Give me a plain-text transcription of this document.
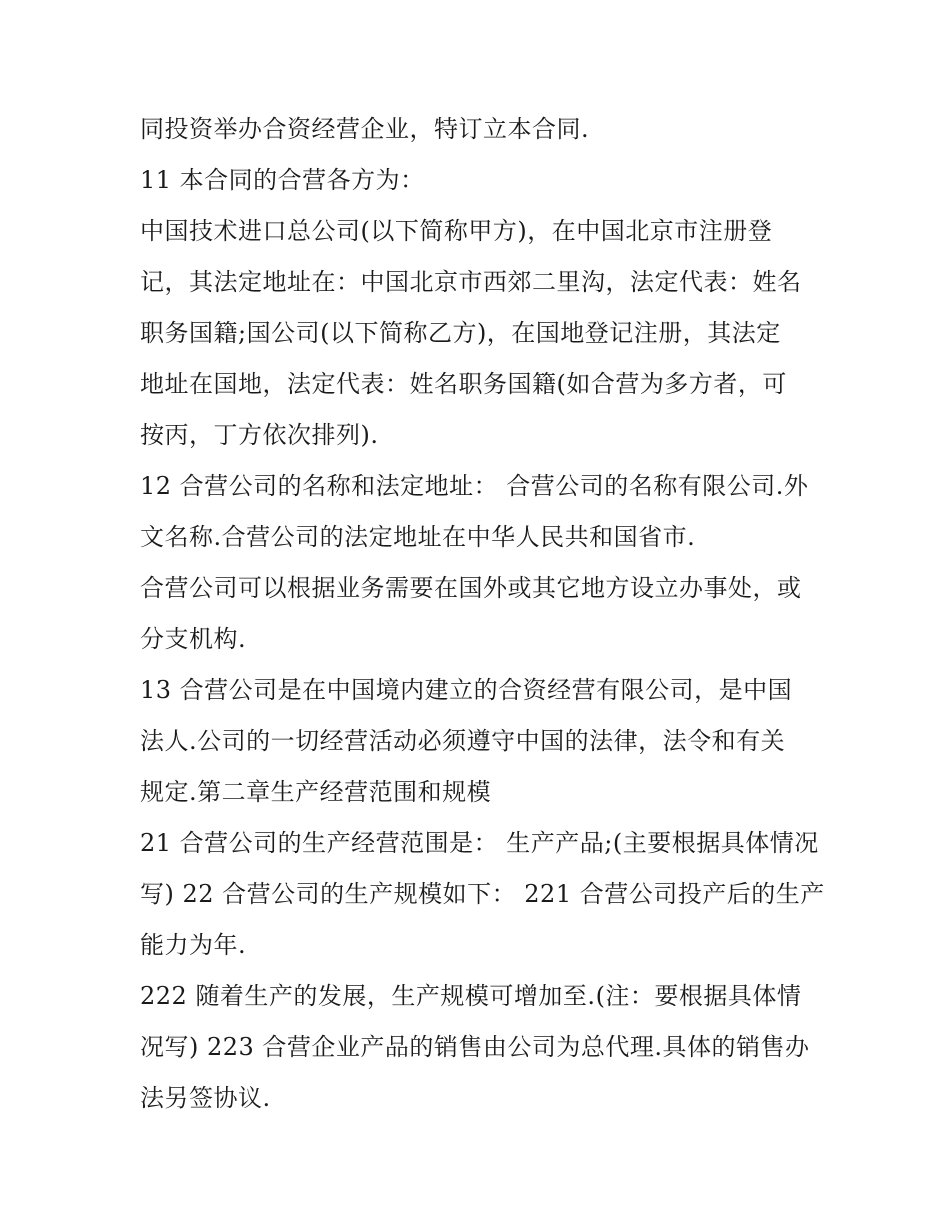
同投资举办合资经营企业，特订立本合同.
11 本合同的合营各方为：
中国技术进口总公司(以下简称甲方)，在中国北京市注册登
记，其法定地址在：中国北京市西郊二里沟，法定代表：姓名
职务国籍;国公司(以下简称乙方)，在国地登记注册，其法定
地址在国地，法定代表：姓名职务国籍(如合营为多方者，可
按丙，丁方依次排列).
12 合营公司的名称和法定地址： 合营公司的名称有限公司.外
文名称.合营公司的法定地址在中华人民共和国省市.
合营公司可以根据业务需要在国外或其它地方设立办事处，或
分支机构.
13 合营公司是在中国境内建立的合资经营有限公司，是中国
法人.公司的一切经营活动必须遵守中国的法律，法令和有关
规定.第二章生产经营范围和规模
21 合营公司的生产经营范围是： 生产产品;(主要根据具体情况
写) 22 合营公司的生产规模如下： 221 合营公司投产后的生产
能力为年.
222 随着生产的发展，生产规模可增加至.(注：要根据具体情
况写) 223 合营企业产品的销售由公司为总代理.具体的销售办
法另签协议.
